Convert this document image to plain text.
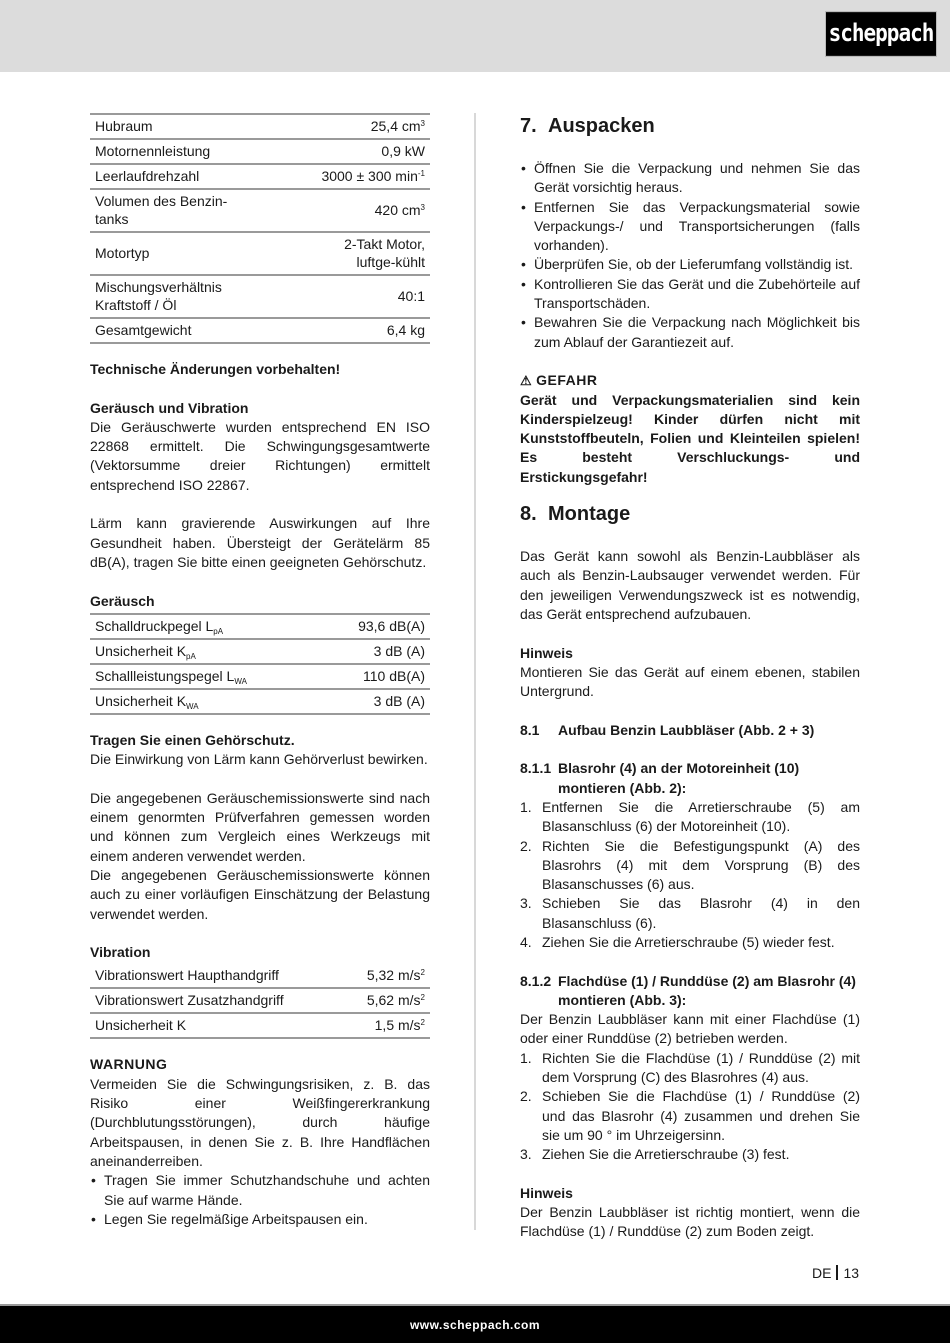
scheppach
Hubraum	25,4 $cm^3$
Motornennleistung	0,9 kW
Leerlaufdrehzahl	3000 ± 300 $\min^{-1}$
Volumen des Benzin-tanks	420 $cm^3$
Motortyp	2-Takt Motor, luftge-kühlt
Mischungsverhältnis Kraftstoff / Öl	40:1
Gesamtgewicht	6,4 kg

Technische Änderungen vorbehalten!

Geräusch und Vibration

Die Geräuschwerte wurden entsprechend EN ISO 22868 ermittelt. Die Schwingungsgesamtwerte (Vektorsumme dreier Richtungen) ermittelt entsprechend ISO 22867.

Lärm kann gravierende Auswirkungen auf Ihre Gesundheit haben. Übersteigt der Gerätelärm 85 dB(A), tragen Sie bitte einen geeigneten Gehörschutz.

Geräusch

Schalldruckpegel $L_{pA}$	93,6 dB(A)
Unsicherheit $K_{pA}$	3 dB (A)
Schallleistungspegel $L_{WA}$	110 dB(A)
Unsicherheit $K_{WA}$	3 dB (A)

Tragen Sie einen Gehörschutz.

Die Einwirkung von Lärm kann Gehörverlust bewirken.

Die angegebenen Geräuschemissionswerte sind nach einem genormten Prüfverfahren gemessen worden und können zum Vergleich eines Werkzeugs mit einem anderen verwendet werden.

Die angegebenen Geräuschemissionswerte können auch zu einer vorläufigen Einschätzung der Belastung verwendet werden.

Vibration

Vibrationswert Haupthandgriff	5,32 $m/s^2$
Vibrationswert Zusatzhandgriff	5,62 $m/s^2$
Unsicherheit K	1,5 $m/s^2$

WARNUNG

Vermeiden Sie die Schwingungsrisiken, z. B. das Risiko einer Weißfingererkrankung (Durchblutungsstörungen), durch häufige Arbeitspausen, in denen Sie z. B. Ihre Handflächen aneinanderreiben.

• Tragen Sie immer Schutzhandschuhe und achten Sie auf warme Hände.
• Legen Sie regelmäßige Arbeitspausen ein.
7. Auspacken
• Öffnen Sie die Verpackung und nehmen Sie das Gerät vorsichtig heraus.
• Entfernen Sie das Verpackungsmaterial sowie Verpackungs-/ und Transportsicherungen (falls vorhanden).
• Überprüfen Sie, ob der Lieferumfang vollständig ist.
• Kontrollieren Sie das Gerät und die Zubehörteile auf Transportschäden.
• Bewahren Sie die Verpackung nach Möglichkeit bis zum Ablauf der Garantiezeit auf.

⚠ GEFAHR

Gerät und Verpackungsmaterialien sind kein Kinderspielzeug! Kinder dürfen nicht mit Kunststoffbeuteln, Folien und Kleinteilen spielen! Es besteht Verschluckungs- und Erstickungsgefahr!

8. Montage

Das Gerät kann sowohl als Benzin-Laubbläser als auch als Benzin-Laubsauger verwendet werden. Für den jeweiligen Verwendungszweck ist es notwendig, das Gerät entsprechend aufzubauen.

Hinweis

Montieren Sie das Gerät auf einem ebenen, stabilen Untergrund.

8.1	Aufbau Benzin Laubbläser (Abb. 2 + 3)
8.1.1 Blasrohr (4) an der Motoreinheit (10) montieren (Abb. 2):
1. Entfernen Sie die Arretierschraube (5) am Blasanschluss (6) der Motoreinheit (10).
2. Richten Sie die Befestigungspunkt (A) des Blasrohrs (4) mit dem Vorsprung (B) des Blasanschusses (6) aus.
3. Schieben Sie das Blasrohr (4) in den Blasanschluss (6).
4. Ziehen Sie die Arretierschraube (5) wieder fest.
8.1.2 Flachdüse (1) / Runddüse (2) am Blasrohr (4) montieren (Abb. 3):

Der Benzin Laubbläser kann mit einer Flachdüse (1) oder einer Runddüse (2) betrieben werden.

1. Richten Sie die Flachdüse (1) / Runddüse (2) mit dem Vorsprung (C) des Blasrohres (4) aus.
2. Schieben Sie die Flachdüse (1) / Runddüse (2) und das Blasrohr (4) zusammen und drehen Sie sie um 90 ° im Uhrzeigersinn.
3. Ziehen Sie die Arretierschraube (3) fest.

Hinweis

Der Benzin Laubbläser ist richtig montiert, wenn die Flachdüse (1) / Runddüse (2) zum Boden zeigt.

DE 13
www.scheppach.com
